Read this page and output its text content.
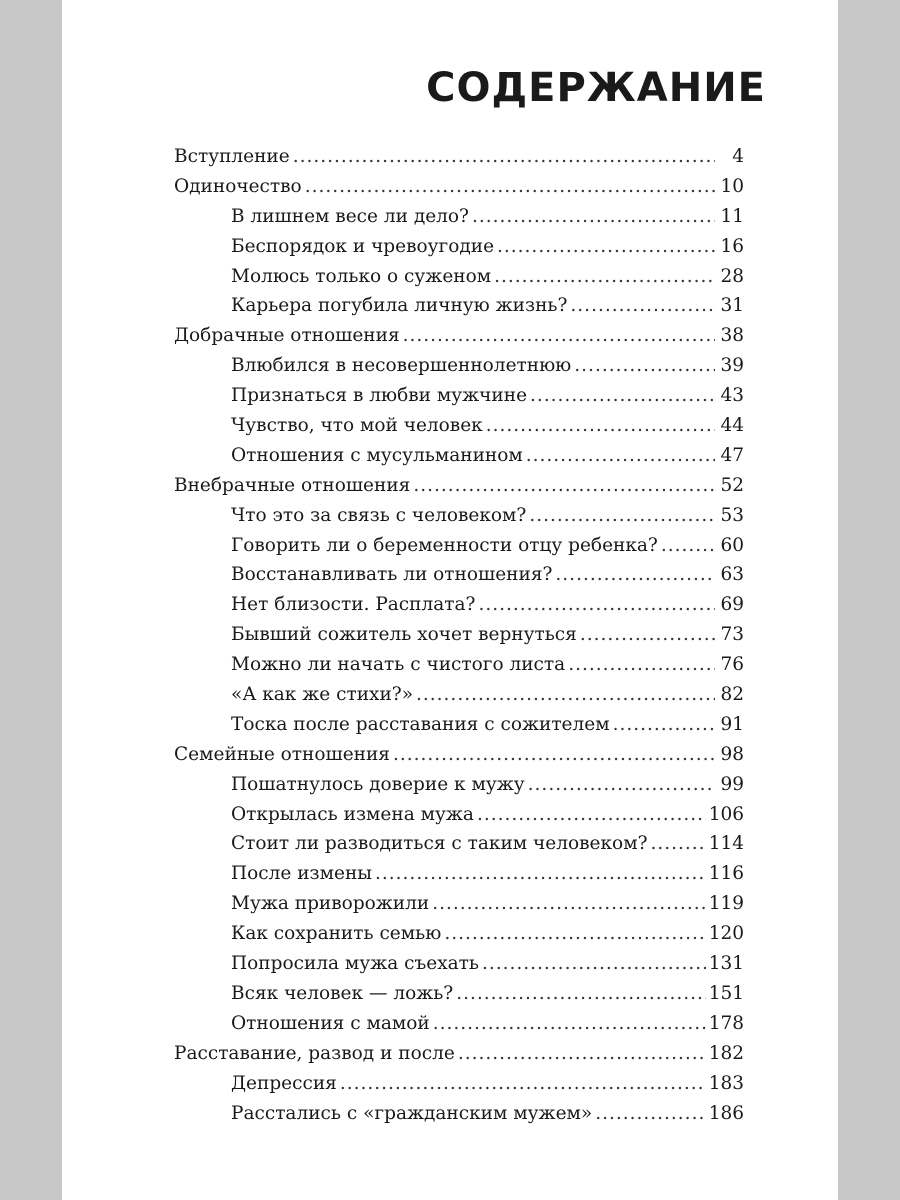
СОДЕРЖАНИЕ
Вступление .....	4
Одиночество .....	10
В лишнем весе ли дело? .....	11
Беспорядок и чревоугодие .....	16
Молюсь только о суженом .....	28
Карьера погубила личную жизнь? .....	31
Добрачные отношения .....	38
Влюбился в несовершеннолетнюю .....	39
Признаться в любви мужчине .....	43
Чувство, что мой человек .....	44
Отношения с мусульманином .....	47
Внебрачные отношения .....	52
Что это за связь с человеком? .....	53
Говорить ли о беременности отцу ребенка? .....	60
Восстанавливать ли отношения? .....	63
Нет близости. Расплата? .....	69
Бывший сожитель хочет вернуться .....	73
Можно ли начать с чистого листа .....	76
«А как же стихи?» .....	82
Тоска после расставания с сожителем .....	91
Семейные отношения .....	98
Пошатнулось доверие к мужу .....	99
Открылась измена мужа .....	106
Стоит ли разводиться с таким человеком? .....	114
После измены .....	116
Мужа приворожили .....	119
Как сохранить семью .....	120
Попросила мужа съехать .....	131
Всяк человек — ложь? .....	151
Отношения с мамой .....	178
Расставание, развод и после .....	182
Депрессия .....	183
Расстались с «гражданским мужем» .....	186
